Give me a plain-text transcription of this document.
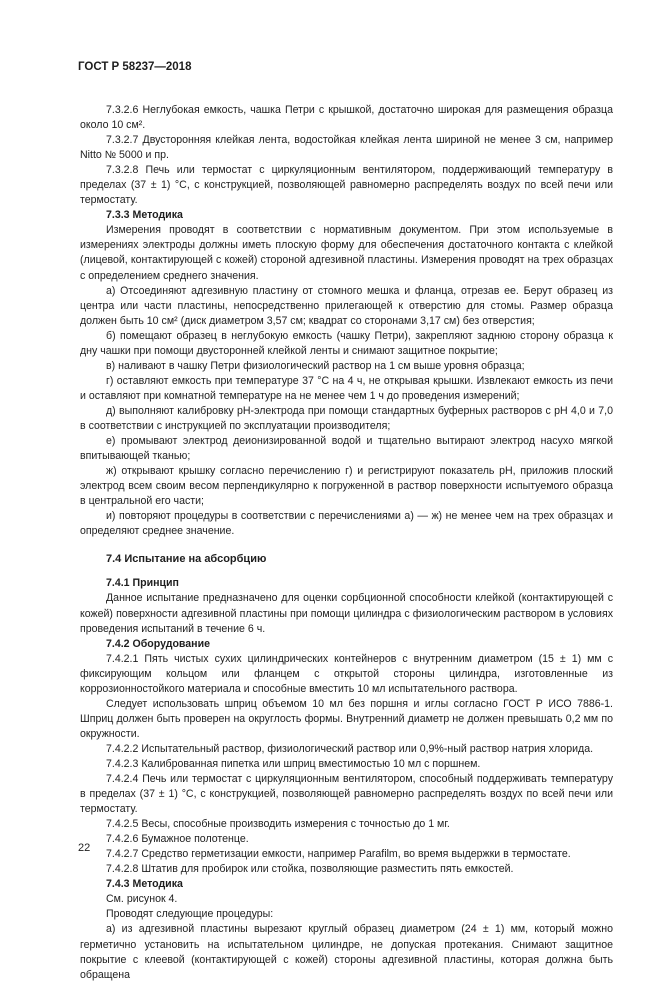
ГОСТ Р 58237—2018

7.3.2.6 Неглубокая емкость, чашка Петри с крышкой, достаточно широкая для размещения образца около 10 см².

7.3.2.7 Двусторонняя клейкая лента, водостойкая клейкая лента шириной не менее 3 см, например Nitto № 5000 и пр.

7.3.2.8 Печь или термостат с циркуляционным вентилятором, поддерживающий температуру в пределах (37 ± 1) °С, с конструкцией, позволяющей равномерно распределять воздух по всей печи или термостату.

7.3.3 Методика

Измерения проводят в соответствии с нормативным документом. При этом используемые в измерениях электроды должны иметь плоскую форму для обеспечения достаточного контакта с клейкой (лицевой, контактирующей с кожей) стороной адгезивной пластины. Измерения проводят на трех образцах с определением среднего значения.

а) Отсоединяют адгезивную пластину от стомного мешка и фланца, отрезав ее. Берут образец из центра или части пластины, непосредственно прилегающей к отверстию для стомы. Размер образца должен быть 10 см² (диск диаметром 3,57 см; квадрат со сторонами 3,17 см) без отверстия;

б) помещают образец в неглубокую емкость (чашку Петри), закрепляют заднюю сторону образца к дну чашки при помощи двусторонней клейкой ленты и снимают защитное покрытие;

в) наливают в чашку Петри физиологический раствор на 1 см выше уровня образца;

г) оставляют емкость при температуре 37 °С на 4 ч, не открывая крышки. Извлекают емкость из печи и оставляют при комнатной температуре на не менее чем 1 ч до проведения измерений;

д) выполняют калибровку рН-электрода при помощи стандартных буферных растворов с рН 4,0 и 7,0 в соответствии с инструкцией по эксплуатации производителя;

е) промывают электрод деионизированной водой и тщательно вытирают электрод насухо мягкой впитывающей тканью;

ж) открывают крышку согласно перечислению г) и регистрируют показатель рН, приложив плоский электрод всем своим весом перпендикулярно к погруженной в раствор поверхности испытуемого образца в центральной его части;

и) повторяют процедуры в соответствии с перечислениями а) — ж) не менее чем на трех образцах и определяют среднее значение.

7.4 Испытание на абсорбцию

7.4.1 Принцип

Данное испытание предназначено для оценки сорбционной способности клейкой (контактирующей с кожей) поверхности адгезивной пластины при помощи цилиндра с физиологическим раствором в условиях проведения испытаний в течение 6 ч.

7.4.2 Оборудование

7.4.2.1 Пять чистых сухих цилиндрических контейнеров с внутренним диаметром (15 ± 1) мм с фиксирующим кольцом или фланцем с открытой стороны цилиндра, изготовленные из коррозионностойкого материала и способные вместить 10 мл испытательного раствора.

Следует использовать шприц объемом 10 мл без поршня и иглы согласно ГОСТ Р ИСО 7886-1. Шприц должен быть проверен на округлость формы. Внутренний диаметр не должен превышать 0,2 мм по окружности.

7.4.2.2 Испытательный раствор, физиологический раствор или 0,9%-ный раствор натрия хлорида.

7.4.2.3 Калиброванная пипетка или шприц вместимостью 10 мл с поршнем.

7.4.2.4 Печь или термостат с циркуляционным вентилятором, способный поддерживать температуру в пределах (37 ± 1) °С, с конструкцией, позволяющей равномерно распределять воздух по всей печи или термостату.

7.4.2.5 Весы, способные производить измерения с точностью до 1 мг.

7.4.2.6 Бумажное полотенце.

7.4.2.7 Средство герметизации емкости, например Parafilm, во время выдержки в термостате.

7.4.2.8 Штатив для пробирок или стойка, позволяющие разместить пять емкостей.

7.4.3 Методика

См. рисунок 4.

Проводят следующие процедуры:

а) из адгезивной пластины вырезают круглый образец диаметром (24 ± 1) мм, который можно герметично установить на испытательном цилиндре, не допуская протекания. Снимают защитное покрытие с клеевой (контактирующей с кожей) стороны адгезивной пластины, которая должна быть обращена

22
